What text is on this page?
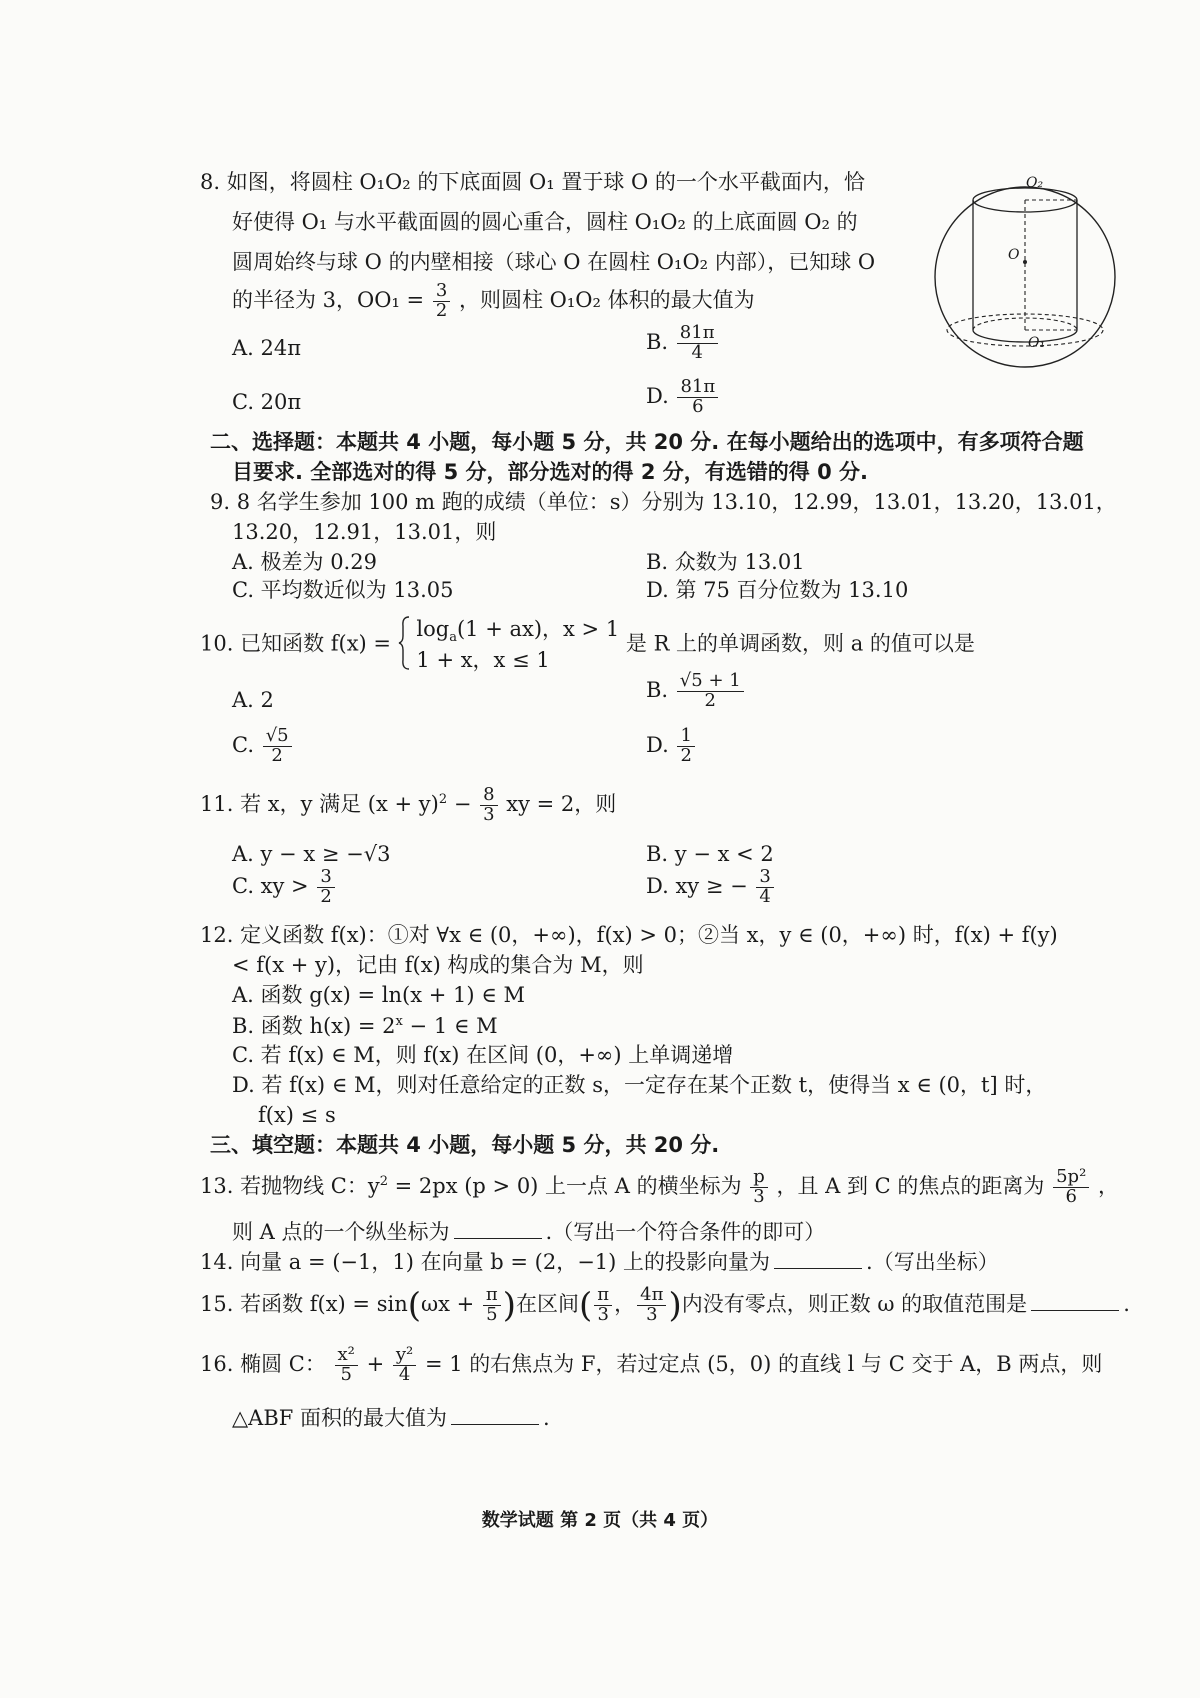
8. 如图，将圆柱 O₁O₂ 的下底面圆 O₁ 置于球 O 的一个水平截面内，恰
好使得 O₁ 与水平截面圆的圆心重合，圆柱 O₁O₂ 的上底面圆 O₂ 的
圆周始终与球 O 的内壁相接（球心 O 在圆柱 O₁O₂ 内部），已知球 O
的半径为 3，$OO_1 = \frac{3}{2}$ ，则圆柱 O₁O₂ 体积的最大值为
A. 24π	B. $\frac{81\pi}{4}$
C. 20π	D. $\frac{81\pi}{6}$
O₂
O
O₁
二、选择题：本题共 4 小题，每小题 5 分，共 20 分. 在每小题给出的选项中，有多项符合题
目要求. 全部选对的得 5 分，部分选对的得 2 分，有选错的得 0 分.
9. 8 名学生参加 100 m 跑的成绩（单位：s）分别为 13.10，12.99，13.01，13.20，13.01，
13.20，12.91，13.01，则
A. 极差为 0.29	B. 众数为 13.01
C. 平均数近似为 13.05	D. 第 75 百分位数为 13.10
10. 已知函数 f(x) =
$\log_a(1 + ax)$，x > 1
1 + x，x ≤ 1
是 R 上的单调函数，则 a 的值可以是
A. 2	B. $\frac{√5 + 1}{2}$
C. $\frac{√5}{2}$	D. $\frac{1}{2}$
11. 若 x，y 满足 $(x + y)^2 - \frac{8}{3}$ xy = 2，则
A. y − x ≥ −√3	B. y − x < 2
C. xy > $\frac{3}{2}$	D. xy ≥ − $\frac{3}{4}$
12. 定义函数 f(x)：①对 ∀x ∈ (0，+∞)，f(x) > 0；②当 x，y ∈ (0，+∞) 时，f(x) + f(y)
< f(x + y)，记由 f(x) 构成的集合为 M，则
A. 函数 g(x) = ln(x + 1) ∈ M
B. 函数 $h(x) = 2^x - 1$ ∈ M
C. 若 f(x) ∈ M，则 f(x) 在区间 (0，+∞) 上单调递增
D. 若 f(x) ∈ M，则对任意给定的正数 s，一定存在某个正数 t，使得当 x ∈ (0，t] 时，
f(x) ≤ s
三、填空题：本题共 4 小题，每小题 5 分，共 20 分.
13. 若抛物线 C：$y^2 = 2px$ (p > 0) 上一点 A 的横坐标为 $\frac{p}{3}$ ，且 A 到 C 的焦点的距离为 $\frac{\text{5p²}}{6}$ ，
则 A 点的一个纵坐标为	.（写出一个符合条件的即可）
14. 向量 a = (−1，1) 在向量 b = (2，−1) 上的投影向量为	.（写出坐标）
15. 若函数 $f(x) = \sin(\omega x + \frac{\pi}{5}$ )在区间( $\frac{\pi}{3}$ ， $\frac{4\pi}{3}$ )内没有零点，则正数 ω 的取值范围是	.
16. 椭圆 C： $\frac{\text{x²}}{5} + \frac{\text{y²}}{4} = 1$ 的右焦点为 F，若过定点 (5，0) 的直线 l 与 C 交于 A，B 两点，则
△ABF 面积的最大值为	.
数学试题 第 2 页（共 4 页）
